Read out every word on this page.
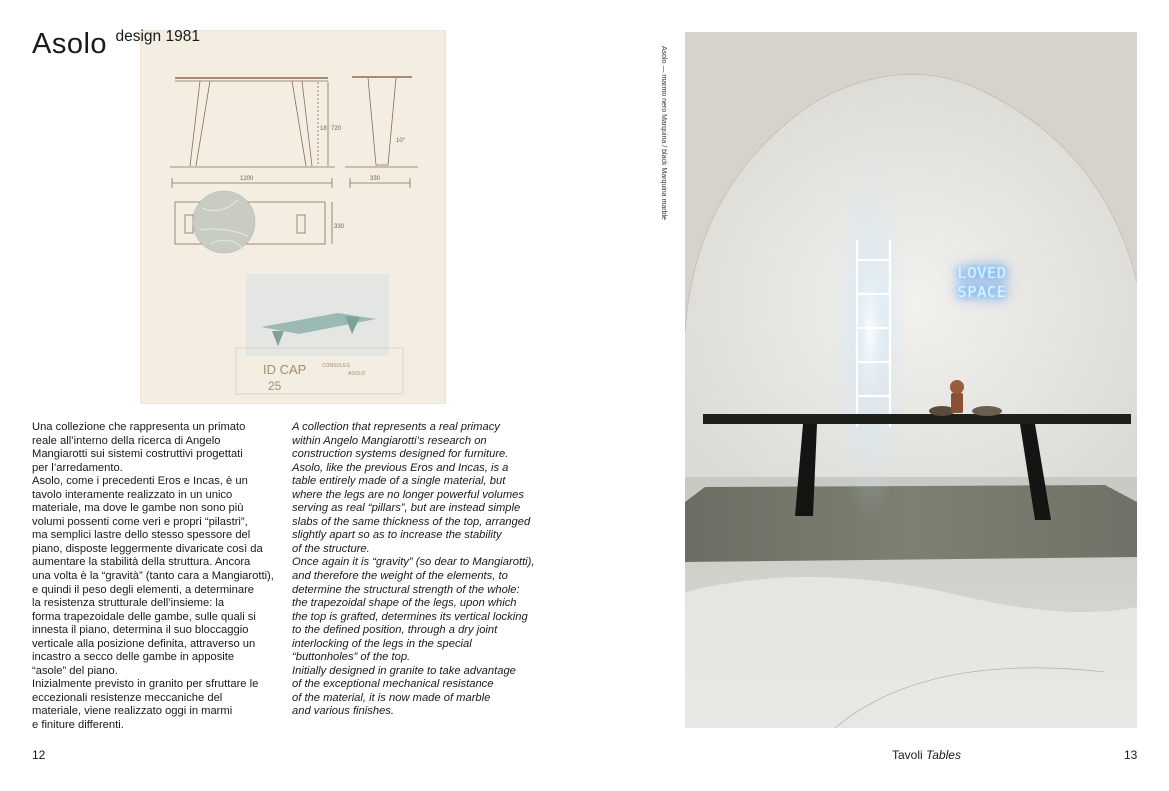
1200	330
18 720
10°
330
ID CAP
25
CONSOLES
ASOLO
Asolo design 1981

Una collezione che rappresenta un primato
reale all’interno della ricerca di Angelo
Mangiarotti sui sistemi costruttivi progettati
per l’arredamento.
Asolo, come i precedenti Eros e Incas, è un
tavolo interamente realizzato in un unico
materiale, ma dove le gambe non sono più
volumi possenti come veri e propri “pilastri”,
ma semplici lastre dello stesso spessore del
piano, disposte leggermente divaricate così da
aumentare la stabilità della struttura. Ancora
una volta è la “gravità” (tanto cara a Mangiarotti),
e quindi il peso degli elementi, a determinare
la resistenza strutturale dell’insieme: la
forma trapezoidale delle gambe, sulle quali si
innesta il piano, determina il suo bloccaggio
verticale alla posizione definita, attraverso un
incastro a secco delle gambe in apposite
“asole” del piano.
Inizialmente previsto in granito per sfruttare le
eccezionali resistenze meccaniche del
materiale, viene realizzato oggi in marmi
e finiture differenti.

A collection that represents a real primacy
within Angelo Mangiarotti’s research on
construction systems designed for furniture.
Asolo, like the previous Eros and Incas, is a
table entirely made of a single material, but
where the legs are no longer powerful volumes
serving as real “pillars”, but are instead simple
slabs of the same thickness of the top, arranged
slightly apart so as to increase the stability
of the structure.
Once again it is “gravity” (so dear to Mangiarotti),
and therefore the weight of the elements, to
determine the structural strength of the whole:
the trapezoidal shape of the legs, upon which
the top is grafted, determines its vertical locking
to the defined position, through a dry joint
interlocking of the legs in the special
“buttonholes” of the top.
Initially designed in granite to take advantage
of the exceptional mechanical resistance
of the material, it is now made of marble
and various finishes.

Asolo — marmo nero Marquina / black Marquina marble
LOVED
SPACE
12	Tavoli Tables	13
